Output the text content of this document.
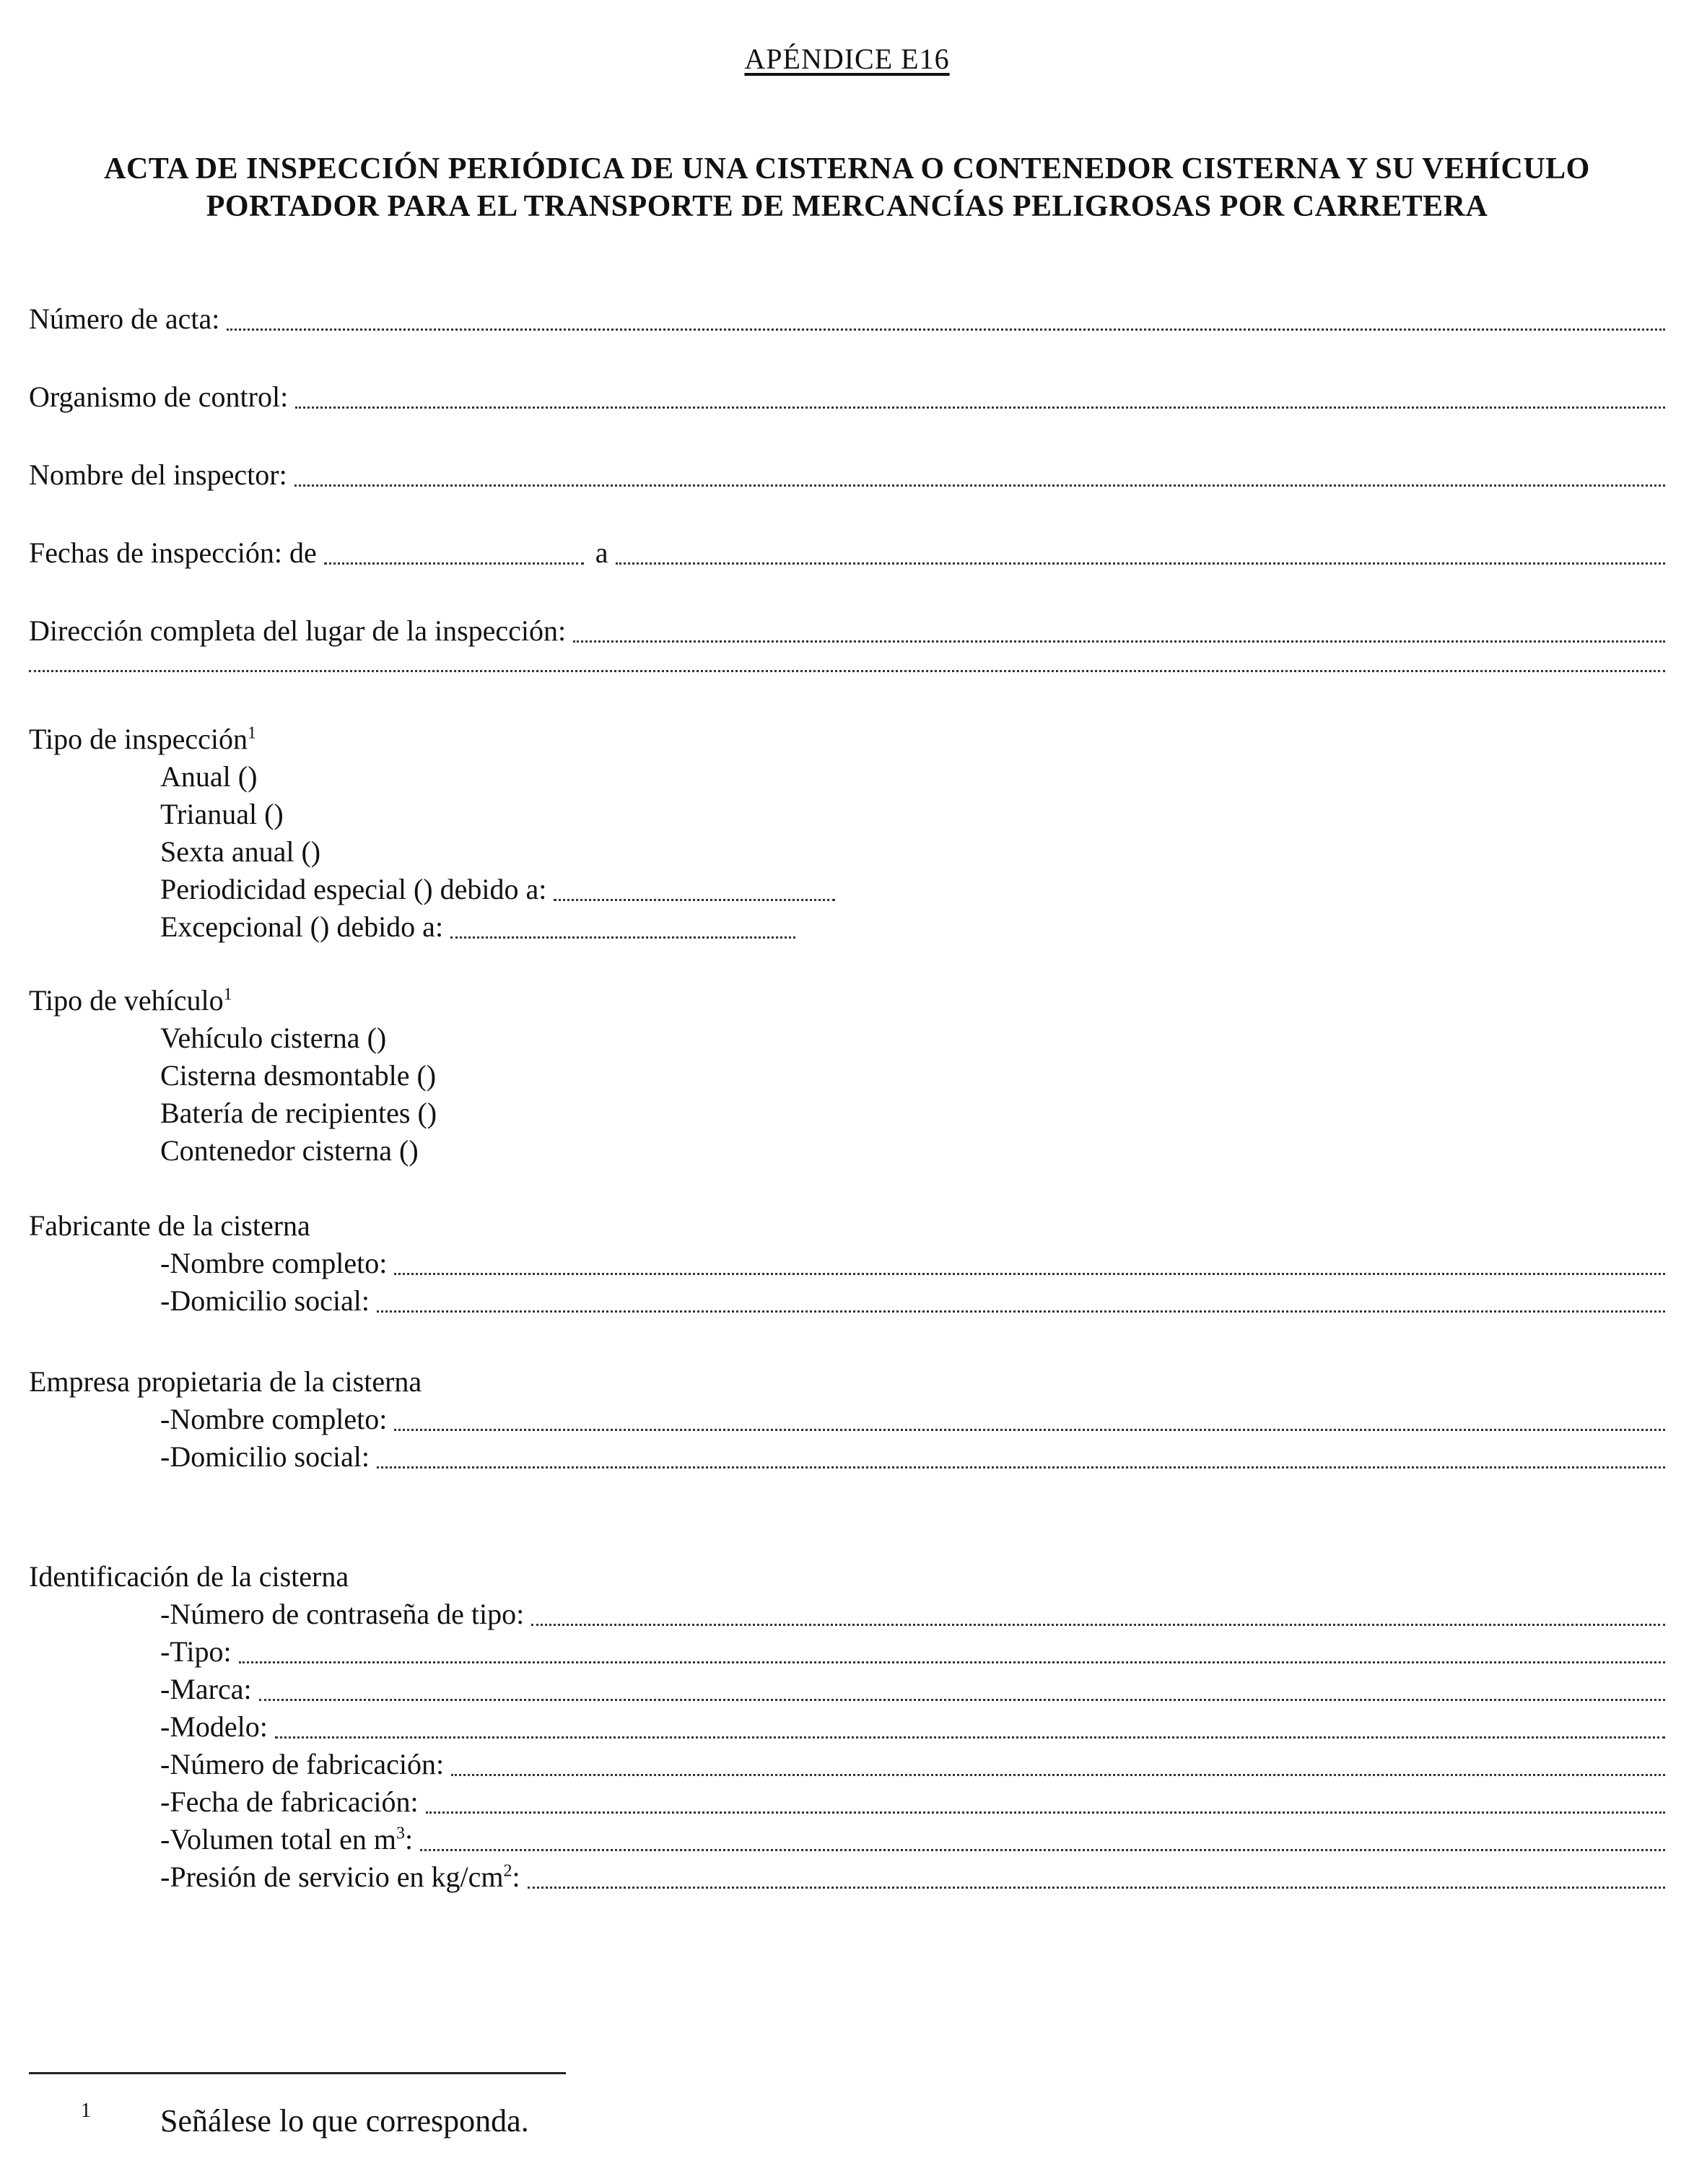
APÉNDICE E16
ACTA DE INSPECCIÓN PERIÓDICA DE UNA CISTERNA O CONTENEDOR CISTERNA Y SU VEHÍCULO PORTADOR PARA EL TRANSPORTE DE MERCANCÍAS PELIGROSAS POR CARRETERA
Número de acta:
Organismo de control:
Nombre del inspector:
Fechas de inspección: de	a
Dirección completa del lugar de la inspección:
Tipo de inspección$^1$
Anual ()
Trianual ()
Sexta anual ()
Periodicidad especial () debido a:
Excepcional () debido a:
Tipo de vehículo$^1$
Vehículo cisterna ()
Cisterna desmontable ()
Batería de recipientes ()
Contenedor cisterna ()
Fabricante de la cisterna
-Nombre completo:
-Domicilio social:
Empresa propietaria de la cisterna
-Nombre completo:
-Domicilio social:
Identificación de la cisterna
-Número de contraseña de tipo:
-Tipo:
-Marca:
-Modelo:
-Número de fabricación:
-Fecha de fabricación:
-Volumen total en $m^3$:
-Presión de servicio en $kg/cm^2$:
1 Señálese lo que corresponda.
